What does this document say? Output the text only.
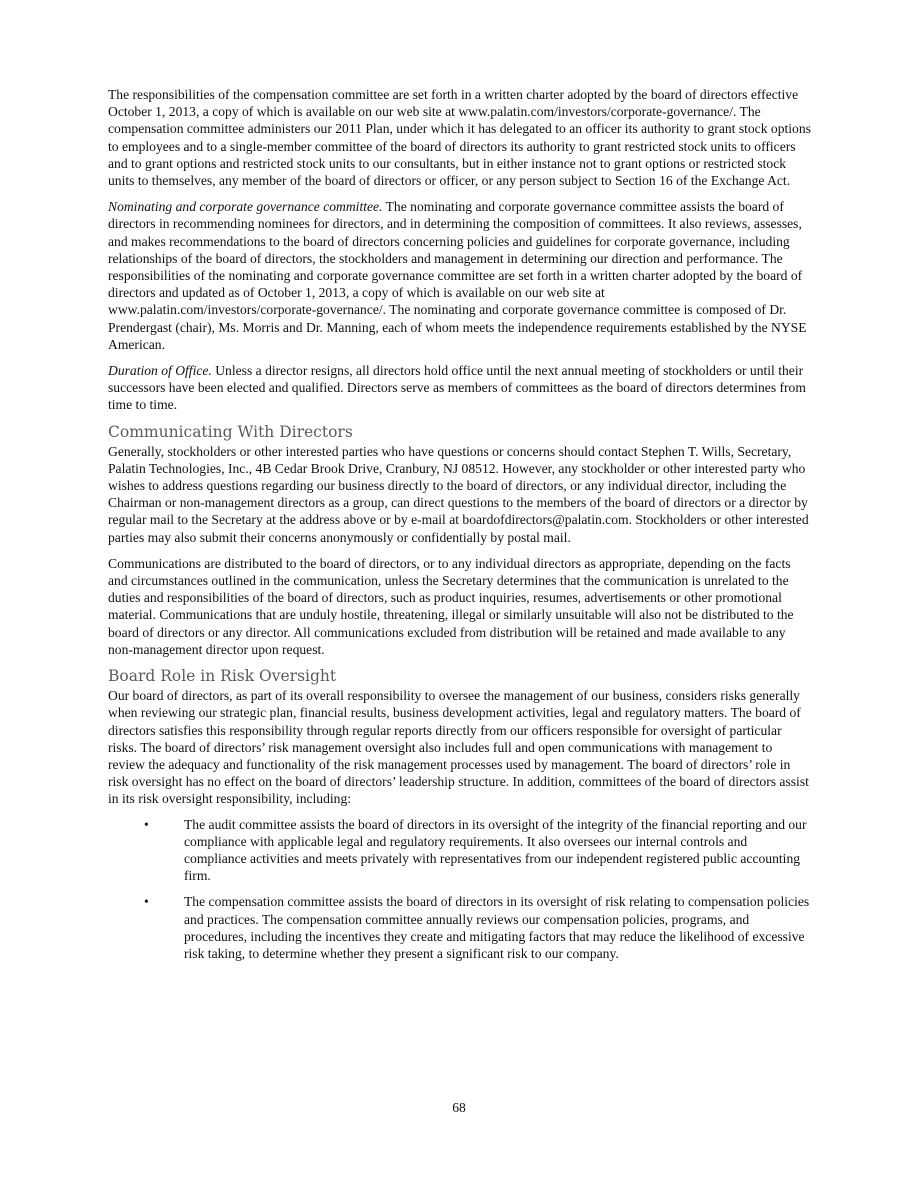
The responsibilities of the compensation committee are set forth in a written charter adopted by the board of directors effective October 1, 2013, a copy of which is available on our web site at www.palatin.com/investors/corporate-governance/. The compensation committee administers our 2011 Plan, under which it has delegated to an officer its authority to grant stock options to employees and to a single-member committee of the board of directors its authority to grant restricted stock units to officers and to grant options and restricted stock units to our consultants, but in either instance not to grant options or restricted stock units to themselves, any member of the board of directors or officer, or any person subject to Section 16 of the Exchange Act.

Nominating and corporate governance committee. The nominating and corporate governance committee assists the board of directors in recommending nominees for directors, and in determining the composition of committees. It also reviews, assesses, and makes recommendations to the board of directors concerning policies and guidelines for corporate governance, including relationships of the board of directors, the stockholders and management in determining our direction and performance. The responsibilities of the nominating and corporate governance committee are set forth in a written charter adopted by the board of directors and updated as of October 1, 2013, a copy of which is available on our web site at www.palatin.com/investors/corporate-governance/. The nominating and corporate governance committee is composed of Dr. Prendergast (chair), Ms. Morris and Dr. Manning, each of whom meets the independence requirements established by the NYSE American.

Duration of Office. Unless a director resigns, all directors hold office until the next annual meeting of stockholders or until their successors have been elected and qualified. Directors serve as members of committees as the board of directors determines from time to time.

Communicating With Directors

Generally, stockholders or other interested parties who have questions or concerns should contact Stephen T. Wills, Secretary, Palatin Technologies, Inc., 4B Cedar Brook Drive, Cranbury, NJ 08512. However, any stockholder or other interested party who wishes to address questions regarding our business directly to the board of directors, or any individual director, including the Chairman or non-management directors as a group, can direct questions to the members of the board of directors or a director by regular mail to the Secretary at the address above or by e-mail at boardofdirectors@palatin.com. Stockholders or other interested parties may also submit their concerns anonymously or confidentially by postal mail.

Communications are distributed to the board of directors, or to any individual directors as appropriate, depending on the facts and circumstances outlined in the communication, unless the Secretary determines that the communication is unrelated to the duties and responsibilities of the board of directors, such as product inquiries, resumes, advertisements or other promotional material. Communications that are unduly hostile, threatening, illegal or similarly unsuitable will also not be distributed to the board of directors or any director. All communications excluded from distribution will be retained and made available to any non-management director upon request.

Board Role in Risk Oversight

Our board of directors, as part of its overall responsibility to oversee the management of our business, considers risks generally when reviewing our strategic plan, financial results, business development activities, legal and regulatory matters. The board of directors satisfies this responsibility through regular reports directly from our officers responsible for oversight of particular risks. The board of directors’ risk management oversight also includes full and open communications with management to review the adequacy and functionality of the risk management processes used by management. The board of directors’ role in risk oversight has no effect on the board of directors’ leadership structure. In addition, committees of the board of directors assist in its risk oversight responsibility, including:

•	The audit committee assists the board of directors in its oversight of the integrity of the financial reporting and our compliance with applicable legal and regulatory requirements. It also oversees our internal controls and compliance activities and meets privately with representatives from our independent registered public accounting firm.
•	The compensation committee assists the board of directors in its oversight of risk relating to compensation policies and practices. The compensation committee annually reviews our compensation policies, programs, and procedures, including the incentives they create and mitigating factors that may reduce the likelihood of excessive risk taking, to determine whether they present a significant risk to our company.
68
